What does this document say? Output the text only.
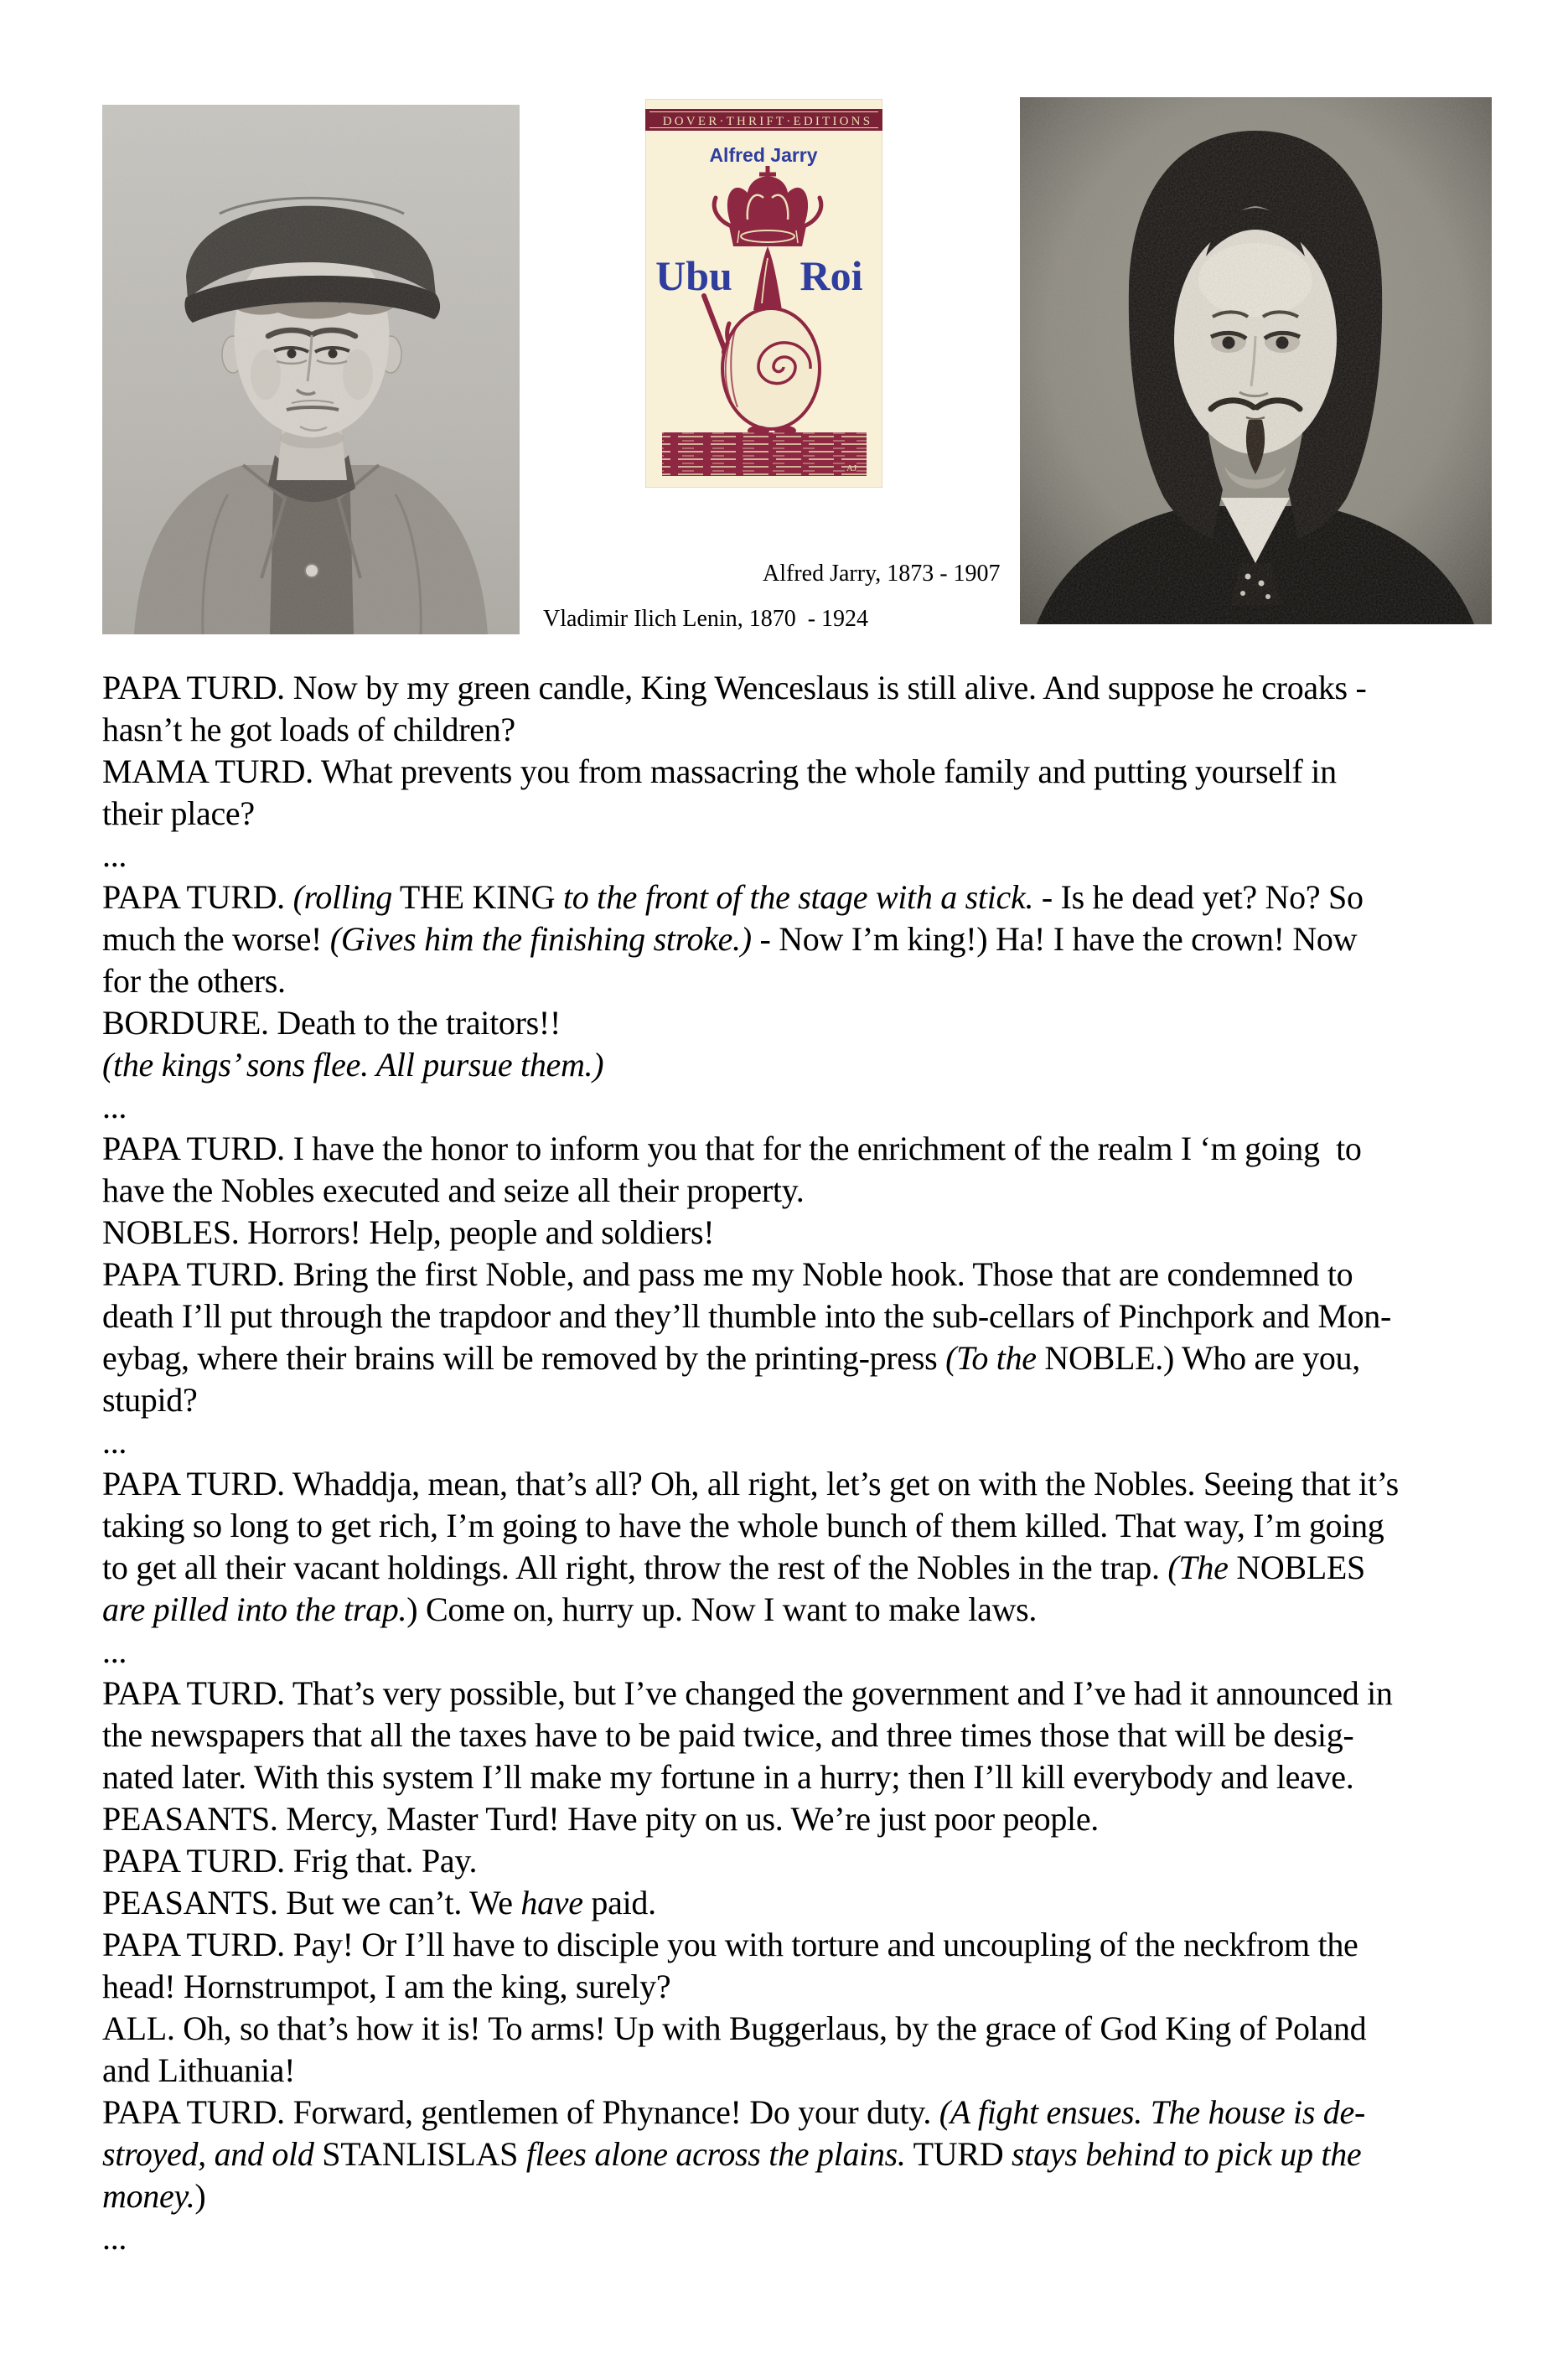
DOVER·THRIFT·EDITIONS
Alfred Jarry
Ubu Roi
AJ
Alfred Jarry, 1873 - 1907
Vladimir Ilich Lenin, 1870  - 1924
PAPA TURD. Now by my green candle, King Wenceslaus is still alive. And suppose he croaks -
hasn’t he got loads of children?
MAMA TURD. What prevents you from massacring the whole family and putting yourself in
their place?
...
PAPA TURD. (rolling THE KING to the front of the stage with a stick. - Is he dead yet? No? So
much the worse! (Gives him the finishing stroke.) - Now I’m king!) Ha! I have the crown! Now
for the others.
BORDURE. Death to the traitors!!
(the kings’ sons flee. All pursue them.)
...
PAPA TURD. I have the honor to inform you that for the enrichment of the realm I ‘m going  to
have the Nobles executed and seize all their property.
NOBLES. Horrors! Help, people and soldiers!
PAPA TURD. Bring the first Noble, and pass me my Noble hook. Those that are condemned to
death I’ll put through the trapdoor and they’ll thumble into the sub-cellars of Pinchpork and Mon-
eybag, where their brains will be removed by the printing-press (To the NOBLE.) Who are you,
stupid?
...
PAPA TURD. Whaddja, mean, that’s all? Oh, all right, let’s get on with the Nobles. Seeing that it’s
taking so long to get rich, I’m going to have the whole bunch of them killed. That way, I’m going
to get all their vacant holdings. All right, throw the rest of the Nobles in the trap. (The NOBLES
are pilled into the trap.) Come on, hurry up. Now I want to make laws.
...
PAPA TURD. That’s very possible, but I’ve changed the government and I’ve had it announced in
the newspapers that all the taxes have to be paid twice, and three times those that will be desig-
nated later. With this system I’ll make my fortune in a hurry; then I’ll kill everybody and leave.
PEASANTS. Mercy, Master Turd! Have pity on us. We’re just poor people.
PAPA TURD. Frig that. Pay.
PEASANTS. But we can’t. We have paid.
PAPA TURD. Pay! Or I’ll have to disciple you with torture and uncoupling of the neckfrom the
head! Hornstrumpot, I am the king, surely?
ALL. Oh, so that’s how it is! To arms! Up with Buggerlaus, by the grace of God King of Poland
and Lithuania!
PAPA TURD. Forward, gentlemen of Phynance! Do your duty. (A fight ensues. The house is de-
stroyed, and old STANLISLAS flees alone across the plains. TURD stays behind to pick up the
money.)
...
